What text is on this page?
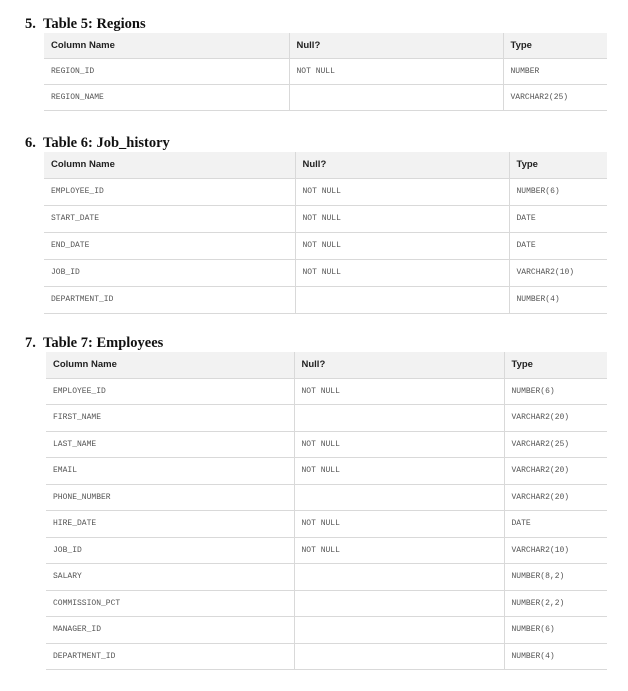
5. Table 5: Regions
Column Name	Null?	Type
REGION_ID	NOT NULL	NUMBER
REGION_NAME		VARCHAR2(25)
6. Table 6: Job_history
Column Name	Null?	Type
EMPLOYEE_ID	NOT NULL	NUMBER(6)
START_DATE	NOT NULL	DATE
END_DATE	NOT NULL	DATE
JOB_ID	NOT NULL	VARCHAR2(10)
DEPARTMENT_ID		NUMBER(4)
7. Table 7: Employees
Column Name	Null?	Type
EMPLOYEE_ID	NOT NULL	NUMBER(6)
FIRST_NAME		VARCHAR2(20)
LAST_NAME	NOT NULL	VARCHAR2(25)
EMAIL	NOT NULL	VARCHAR2(20)
PHONE_NUMBER		VARCHAR2(20)
HIRE_DATE	NOT NULL	DATE
JOB_ID	NOT NULL	VARCHAR2(10)
SALARY		NUMBER(8,2)
COMMISSION_PCT		NUMBER(2,2)
MANAGER_ID		NUMBER(6)
DEPARTMENT_ID		NUMBER(4)
